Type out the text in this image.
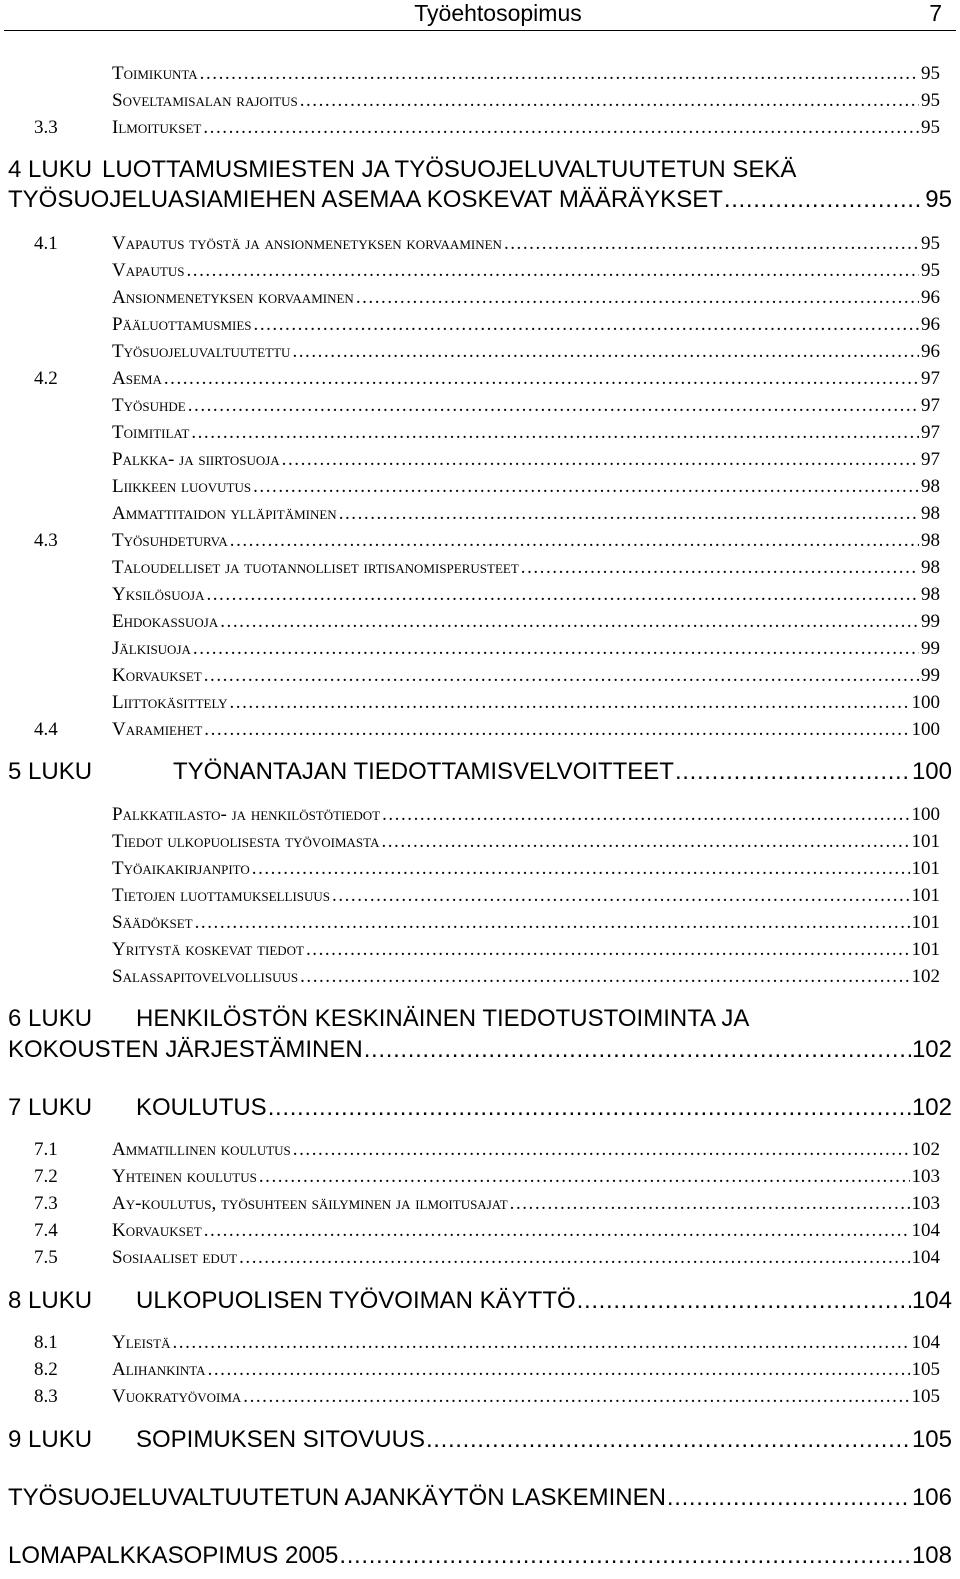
Työehtosopimus	7
Toimikunta . . .	95
Soveltamisalan rajoitus . . .	95
3.3	Ilmoitukset . . .	95
4 LUKU LUOTTAMUSMIESTEN JA TYÖSUOJELUVALTUUTETUN SEKÄ
TYÖSUOJELUASIAMIEHEN ASEMAA KOSKEVAT MÄÄRÄYKSET . . .	95
4.1	Vapautus työstä ja ansionmenetyksen korvaaminen . . .	95
Vapautus . . .	95
Ansionmenetyksen korvaaminen . . .	96
Pääluottamusmies . . .	96
Työsuojeluvaltuutettu . . .	96
4.2	Asema . . .	97
Työsuhde . . .	97
Toimitilat . . .	97
Palkka- ja siirtosuoja . . .	97
Liikkeen luovutus . . .	98
Ammattitaidon ylläpitäminen . . .	98
4.3	Työsuhdeturva . . .	98
Taloudelliset ja tuotannolliset irtisanomisperusteet . . .	98
Yksilösuoja . . .	98
Ehdokassuoja . . .	99
Jälkisuoja . . .	99
Korvaukset . . .	99
Liittokäsittely . . .	100
4.4	Varamiehet . . .	100
5 LUKU	TYÖNANTAJAN TIEDOTTAMISVELVOITTEET . . .	100
Palkkatilasto- ja henkilöstötiedot . . .	100
Tiedot ulkopuolisesta työvoimasta . . .	101
Työaikakirjanpito . . .	101
Tietojen luottamuksellisuus . . .	101
Säädökset . . .	101
Yritystä koskevat tiedot . . .	101
Salassapitovelvollisuus . . .	102
6 LUKU	HENKILÖSTÖN KESKINÄINEN TIEDOTUSTOIMINTA JA
KOKOUSTEN JÄRJESTÄMINEN . . .	102
7 LUKU	KOULUTUS . . .	102
7.1	Ammatillinen koulutus . . .	102
7.2	Yhteinen koulutus . . .	103
7.3	Ay-koulutus, työsuhteen säilyminen ja ilmoitusajat . . .	103
7.4	Korvaukset . . .	104
7.5	Sosiaaliset edut . . .	104
8 LUKU	ULKOPUOLISEN TYÖVOIMAN KÄYTTÖ . . .	104
8.1	Yleistä . . .	104
8.2	Alihankinta . . .	105
8.3	Vuokratyövoima . . .	105
9 LUKU	SOPIMUKSEN SITOVUUS . . .	105
TYÖSUOJELUVALTUUTETUN AJANKÄYTÖN LASKEMINEN . . .	106
LOMAPALKKASOPIMUS 2005 . . .	108
